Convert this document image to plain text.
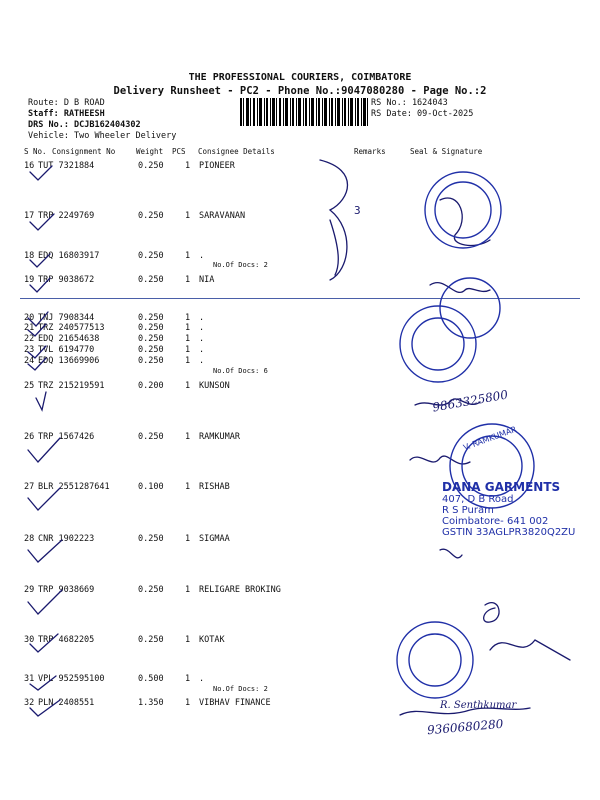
THE PROFESSIONAL COURIERS, COIMBATORE
Delivery Runsheet - PC2 - Phone No.:9047080280 - Page No.:2
Route: D B ROAD
Staff: RATHEESH
DRS No.: DCJB162404302
Vehicle: Two Wheeler Delivery
RS No.: 1624043
RS Date: 09-Oct-2025
S No. Consignment No	Weight PCS Consignee Details	Remarks	Seal & Signature
16 TUT 7321884	0.250	1 PIONEER
17 TRP 2249769	0.250	1 SARAVANAN
18 EDQ 16803917	0.250	1 .
No.Of Docs: 2
19 TRP 9038672	0.250	1 NIA
20 TNJ 7908344	0.250	1 .
21 TRZ 240577513	0.250	1 .
22 EDQ 21654638	0.250	1 .
23 TVL 6194770	0.250	1 .
24 EDQ 13669906	0.250	1 .
No.Of Docs: 6
25 TRZ 215219591	0.200	1 KUNSON
26 TRP 1567426	0.250	1 RAMKUMAR
27 BLR 2551287641	0.100	1 RISHAB
28 CNR 1902223	0.250	1 SIGMAA
29 TRP 9038669	0.250	1 RELIGARE BROKING
30 TRP 4682205	0.250	1 KOTAK
31 VPL 952595100	0.500	1 .
No.Of Docs: 2
32 PLN 2408551	1.350	1 VIBHAV FINANCE
9863325800
9360680280
R. Senthkumar
3
V. RAMKUMAR
DANA GARMENTS
407, D B Road
R S Puram
Coimbatore- 641 002
GSTIN 33AGLPR3820Q2ZU
